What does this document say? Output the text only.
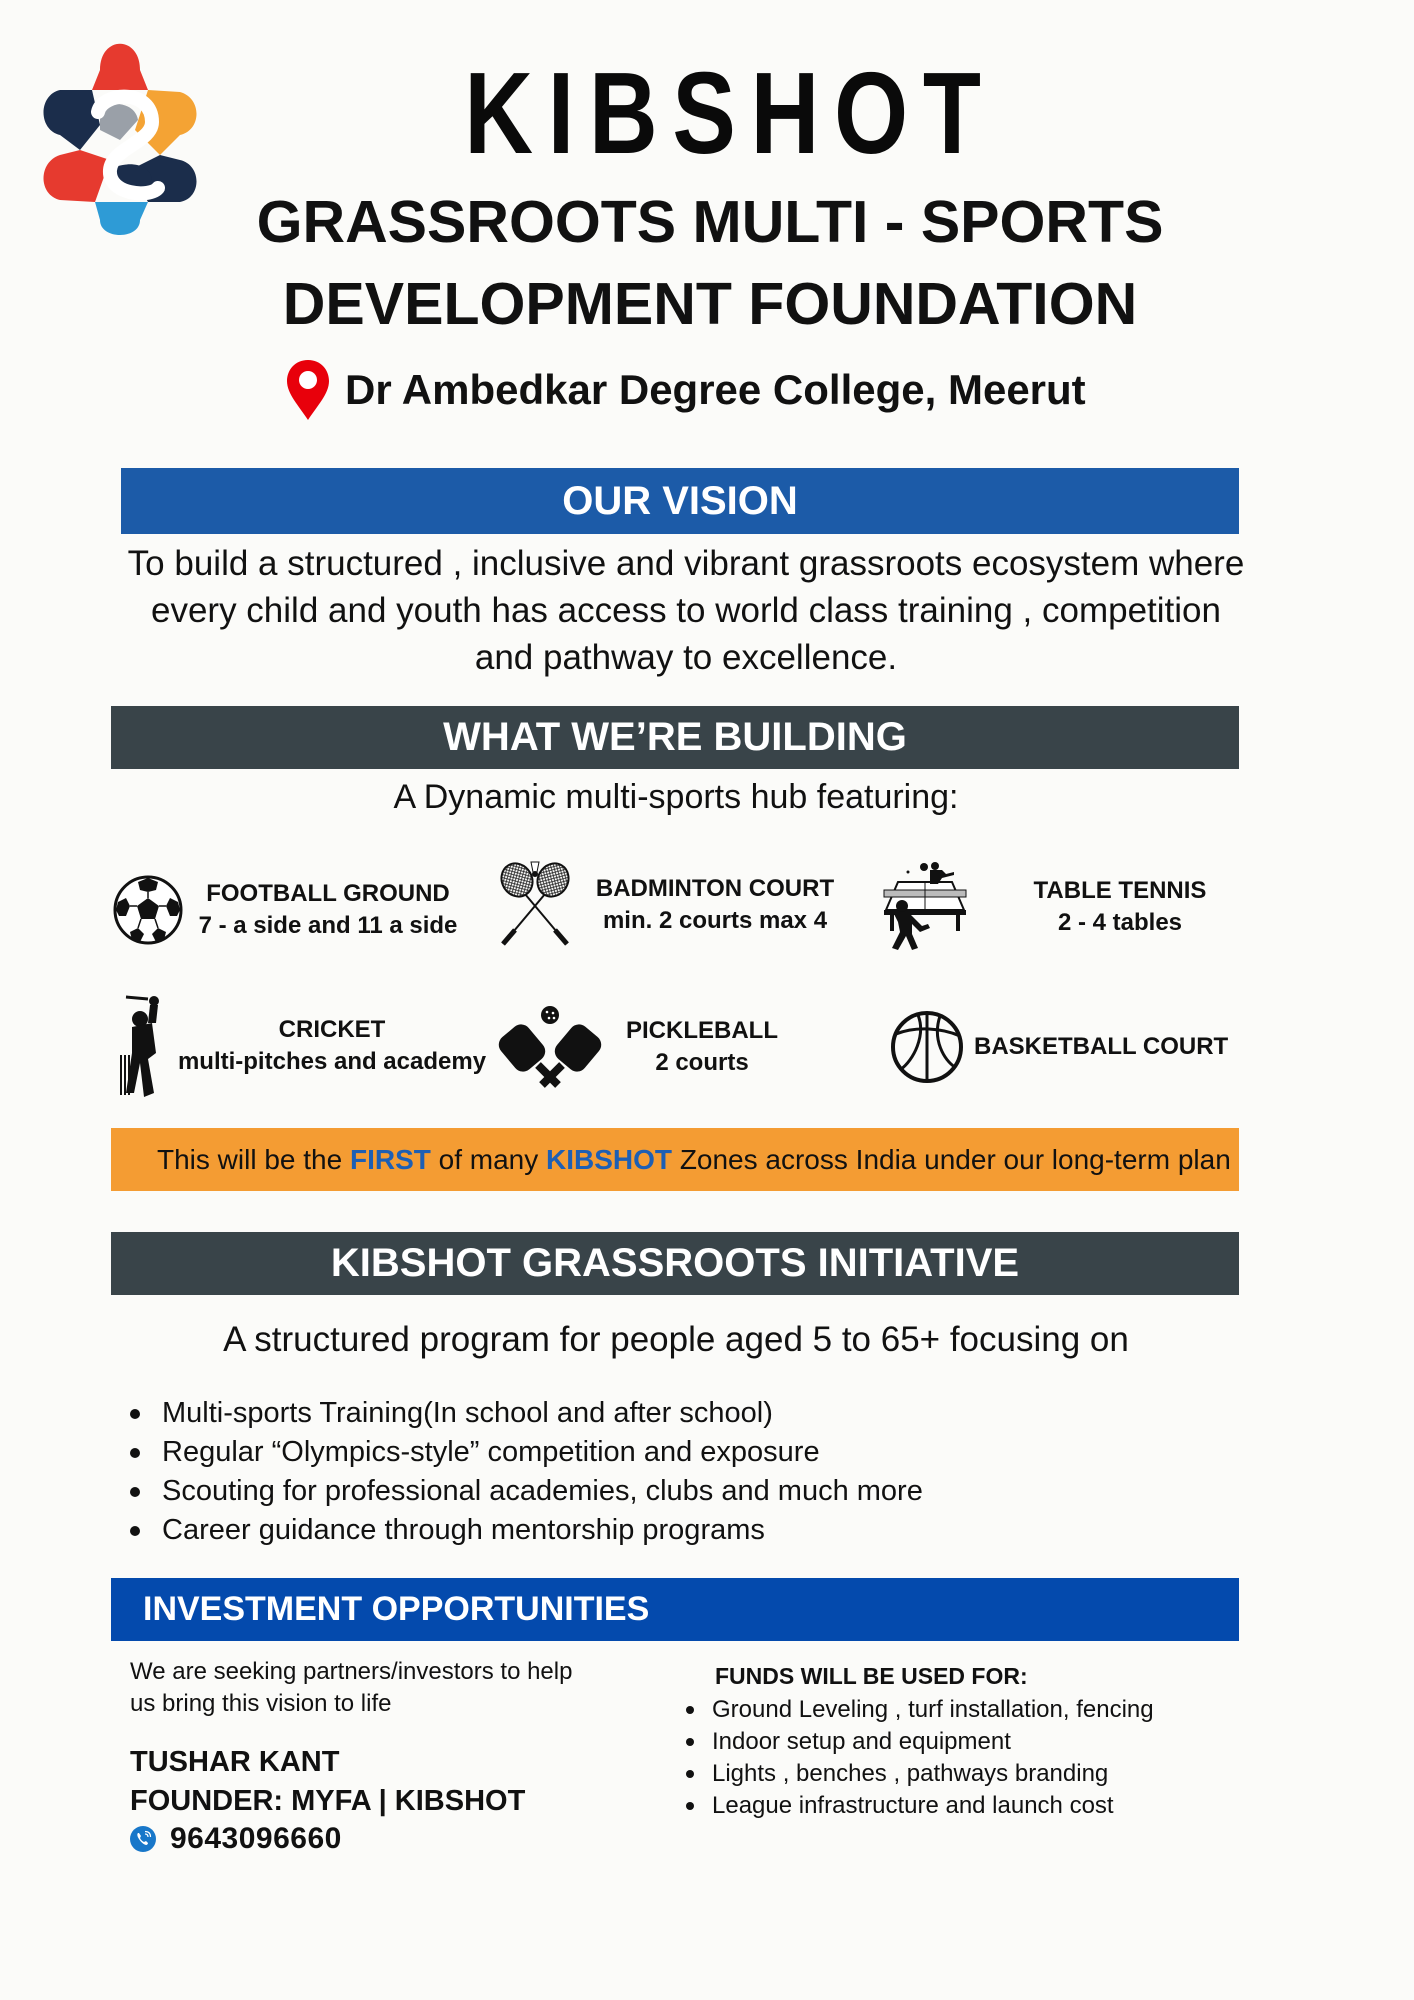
KIBSHOT
GRASSROOTS MULTI - SPORTS
DEVELOPMENT FOUNDATION
Dr Ambedkar Degree College, Meerut
OUR VISION
To build a structured , inclusive and vibrant grassroots ecosystem where every child and youth has access to world class training , competition and pathway to excellence.
WHAT WE’RE BUILDING
A Dynamic multi-sports hub featuring:
FOOTBALL GROUND
7 - a side and 11 a side
BADMINTON COURT
min. 2 courts max 4
TABLE TENNIS
2 - 4 tables
CRICKET
multi-pitches and academy
PICKLEBALL
2 courts
BASKETBALL COURT
This will be the
FIRST
of many
KIBSHOT
Zones across India under our long-term plan
KIBSHOT GRASSROOTS INITIATIVE
A structured program for people aged 5 to 65+ focusing on
Multi-sports Training(In school and after school)
Regular “Olympics-style” competition and exposure
Scouting for professional academies, clubs and much more
Career guidance through mentorship programs
INVESTMENT OPPORTUNITIES
We are seeking partners/investors to help
us bring this vision to life
TUSHAR KANT
FOUNDER: MYFA | KIBSHOT
9643096660
FUNDS WILL BE USED FOR:
Ground Leveling , turf installation, fencing
Indoor setup and equipment
Lights , benches , pathways branding
League infrastructure and launch cost
